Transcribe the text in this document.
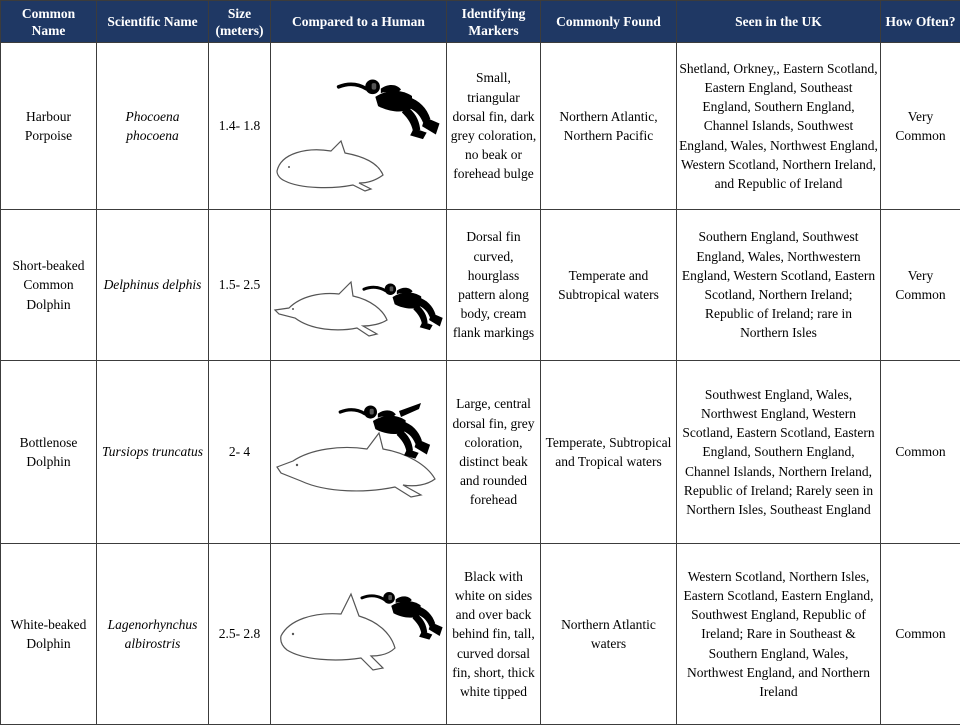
Common Name	Scientific Name	Size (meters)	Compared to a Human	Identifying Markers	Commonly Found	Seen in the UK	How Often?
Harbour Porpoise	Phocoena phocoena	1.4- 1.8		Small, triangular dorsal fin, dark grey coloration, no beak or forehead bulge	Northern Atlantic, Northern Pacific	Shetland, Orkney,, Eastern Scotland, Eastern England, Southeast England, Southern England, Channel Islands, Southwest England, Wales, Northwest England, Western Scotland, Northern Ireland, and Republic of Ireland	Very Common
Short-beaked Common Dolphin	Delphinus delphis	1.5- 2.5		Dorsal fin curved, hourglass pattern along body, cream flank markings	Temperate and Subtropical waters	Southern England, Southwest England, Wales, Northwestern England, Western Scotland, Eastern Scotland, Northern Ireland; Republic of Ireland; rare in Northern Isles	Very Common
Bottlenose Dolphin	Tursiops truncatus	2- 4		Large, central dorsal fin, grey coloration, distinct beak and rounded forehead	Temperate, Subtropical and Tropical waters	Southwest England, Wales, Northwest England, Western Scotland, Eastern Scotland, Eastern England, Southern England, Channel Islands, Northern Ireland, Republic of Ireland; Rarely seen in Northern Isles, Southeast England	Common
White-beaked Dolphin	Lagenorhynchus albirostris	2.5- 2.8		Black with white on sides and over back behind fin, tall, curved dorsal fin, short, thick white tipped	Northern Atlantic waters	Western Scotland, Northern Isles, Eastern Scotland, Eastern England, Southwest England, Republic of Ireland; Rare in Southeast & Southern England, Wales, Northwest England, and Northern Ireland	Common
